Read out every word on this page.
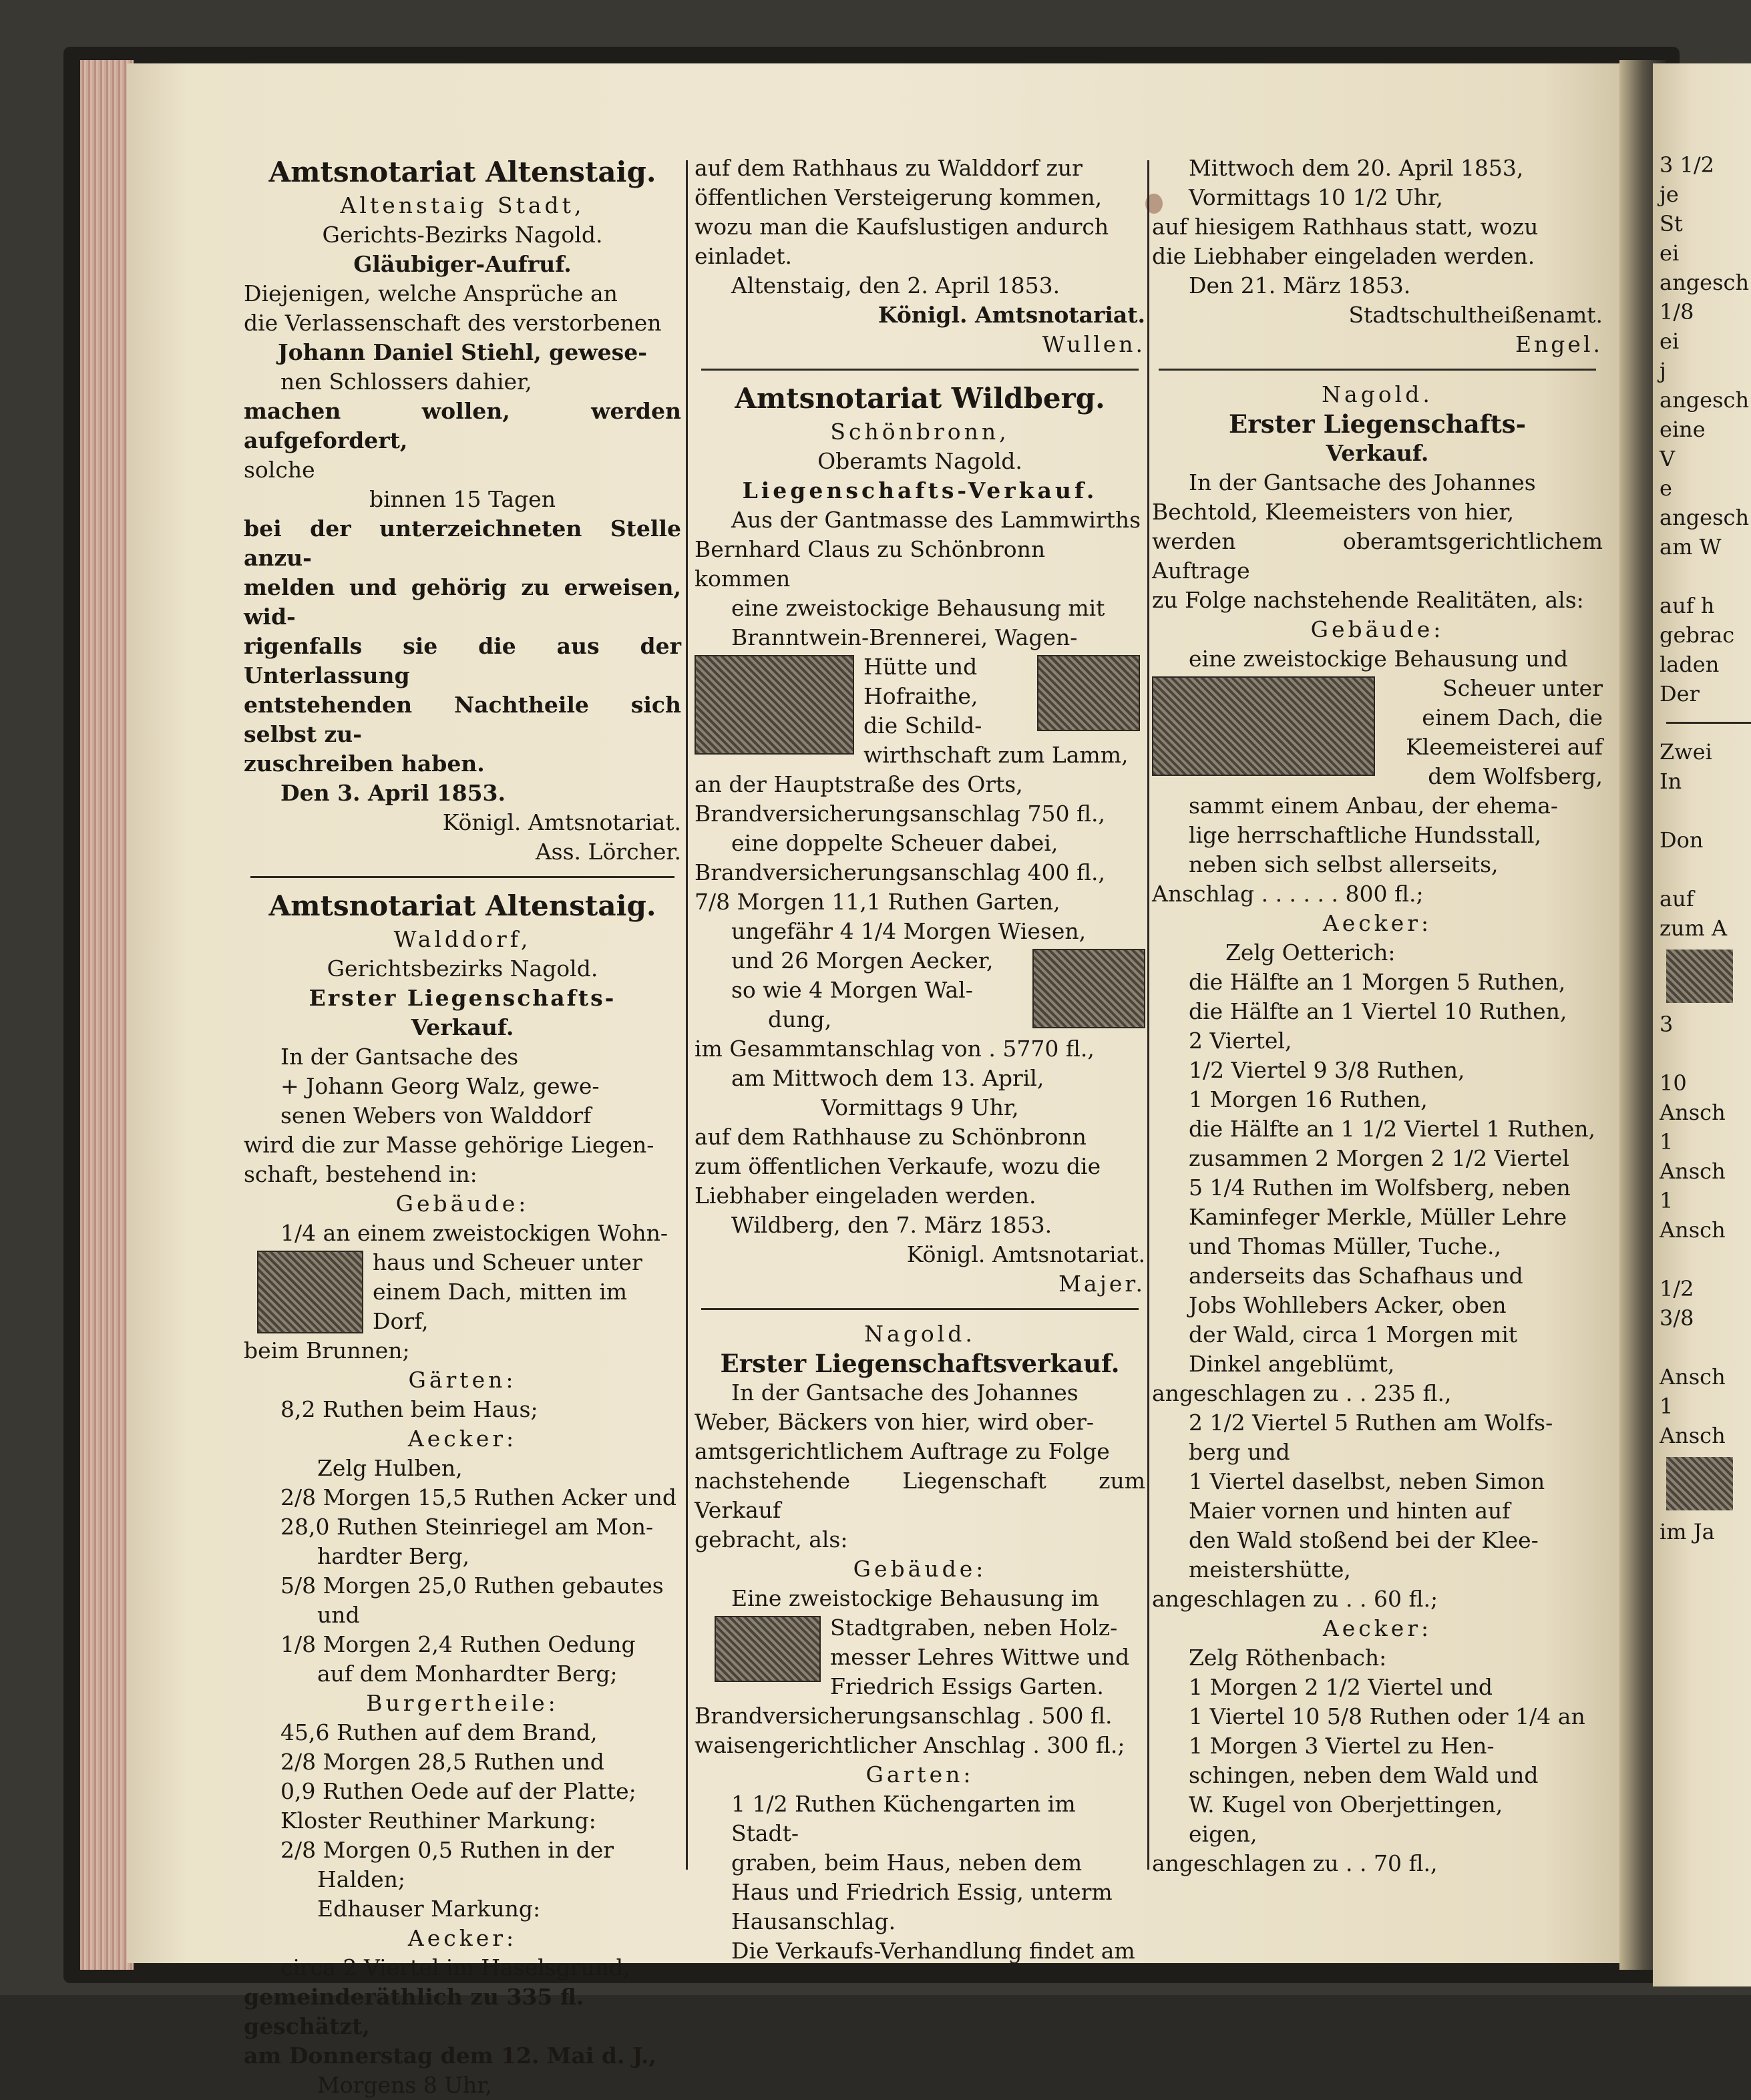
Amtsnotariat Altenstaig.

Altenstaig Stadt,

Gerichts-Bezirks Nagold.

Gläubiger-Aufruf.

Diejenigen, welche Ansprüche an

die Verlassenschaft des verstorbenen

Johann Daniel Stiehl, gewese-

nen Schlossers dahier,

machen wollen, werden aufgefordert,

solche

binnen 15 Tagen

bei der unterzeichneten Stelle anzu-

melden und gehörig zu erweisen, wid-

rigenfalls sie die aus der Unterlassung

entstehenden Nachtheile sich selbst zu-

zuschreiben haben.

Den 3. April 1853.

Königl. Amtsnotariat.

Ass. Lörcher.

Amtsnotariat Altenstaig.

Walddorf,

Gerichtsbezirks Nagold.

Erster Liegenschafts-

Verkauf.

In der Gantsache des

+ Johann Georg Walz, gewe-

senen Webers von Walddorf

wird die zur Masse gehörige Liegen-

schaft, bestehend in:

Gebäude:

1/4 an einem zweistockigen Wohn-

haus und Scheuer unter

einem Dach, mitten im Dorf,

beim Brunnen;

Gärten:

8,2 Ruthen beim Haus;

Aecker:

Zelg Hulben,

2/8 Morgen 15,5 Ruthen Acker und

28,0 Ruthen Steinriegel am Mon-

hardter Berg,

5/8 Morgen 25,0 Ruthen gebautes

und

1/8 Morgen 2,4 Ruthen Oedung

auf dem Monhardter Berg;

Burgertheile:

45,6 Ruthen auf dem Brand,

2/8 Morgen 28,5 Ruthen und

0,9 Ruthen Oede auf der Platte;

Kloster Reuthiner Markung:

2/8 Morgen 0,5 Ruthen in der

Halden;

Edhauser Markung:

Aecker:

circa 2 Viertel im Haselsgrund,

gemeinderäthlich zu 335 fl. geschätzt,

am Donnerstag dem 12. Mai d. J.,

Morgens 8 Uhr,

auf dem Rathhaus zu Walddorf zur

öffentlichen Versteigerung kommen,

wozu man die Kaufslustigen andurch

einladet.

Altenstaig, den 2. April 1853.

Königl. Amtsnotariat.

Wullen.

Amtsnotariat Wildberg.

Schönbronn,

Oberamts Nagold.

Liegenschafts-Verkauf.

Aus der Gantmasse des Lammwirths

Bernhard Claus zu Schönbronn

kommen

eine zweistockige Behausung mit

Branntwein-Brennerei, Wagen-

Hütte und

Hofraithe,

die Schild-

wirthschaft zum Lamm,

an der Hauptstraße des Orts,

Brandversicherungsanschlag 750 fl.,

eine doppelte Scheuer dabei,

Brandversicherungsanschlag 400 fl.,

7/8 Morgen 11,1 Ruthen Garten,

ungefähr 4 1/4 Morgen Wiesen,

und 26 Morgen Aecker,

so wie 4 Morgen Wal-

dung,

im Gesammtanschlag von . 5770 fl.,

am Mittwoch dem 13. April,

Vormittags 9 Uhr,

auf dem Rathhause zu Schönbronn

zum öffentlichen Verkaufe, wozu die

Liebhaber eingeladen werden.

Wildberg, den 7. März 1853.

Königl. Amtsnotariat.

Majer.

Nagold.

Erster Liegenschaftsverkauf.

In der Gantsache des Johannes

Weber, Bäckers von hier, wird ober-

amtsgerichtlichem Auftrage zu Folge

nachstehende Liegenschaft zum Verkauf

gebracht, als:

Gebäude:

Eine zweistockige Behausung im

Stadtgraben, neben Holz-

messer Lehres Wittwe und

Friedrich Essigs Garten.

Brandversicherungsanschlag . 500 fl.

waisengerichtlicher Anschlag . 300 fl.;

Garten:

1 1/2 Ruthen Küchengarten im Stadt-

graben, beim Haus, neben dem

Haus und Friedrich Essig, unterm

Hausanschlag.

Die Verkaufs-Verhandlung findet am

Mittwoch dem 20. April 1853,

Vormittags 10 1/2 Uhr,

auf hiesigem Rathhaus statt, wozu

die Liebhaber eingeladen werden.

Den 21. März 1853.

Stadtschultheißenamt.

Engel.

Nagold.

Erster Liegenschafts-

Verkauf.

In der Gantsache des Johannes

Bechtold, Kleemeisters von hier,

werden oberamtsgerichtlichem Auftrage

zu Folge nachstehende Realitäten, als:

Gebäude:

eine zweistockige Behausung und

Scheuer unter

einem Dach, die

Kleemeisterei auf

dem Wolfsberg,

sammt einem Anbau, der ehema-

lige herrschaftliche Hundsstall,

neben sich selbst allerseits,

Anschlag . . . . . . 800 fl.;

Aecker:

Zelg Oetterich:

die Hälfte an 1 Morgen 5 Ruthen,

die Hälfte an 1 Viertel 10 Ruthen,

2 Viertel,

1/2 Viertel 9 3/8 Ruthen,

1 Morgen 16 Ruthen,

die Hälfte an 1 1/2 Viertel 1 Ruthen,

zusammen 2 Morgen 2 1/2 Viertel

5 1/4 Ruthen im Wolfsberg, neben

Kaminfeger Merkle, Müller Lehre

und Thomas Müller, Tuche.,

anderseits das Schafhaus und

Jobs Wohllebers Acker, oben

der Wald, circa 1 Morgen mit

Dinkel angeblümt,

angeschlagen zu . . 235 fl.,

2 1/2 Viertel 5 Ruthen am Wolfs-

berg und

1 Viertel daselbst, neben Simon

Maier vornen und hinten auf

den Wald stoßend bei der Klee-

meistershütte,

angeschlagen zu . . 60 fl.;

Aecker:

Zelg Röthenbach:

1 Morgen 2 1/2 Viertel und

1 Viertel 10 5/8 Ruthen oder 1/4 an

1 Morgen 3 Viertel zu Hen-

schingen, neben dem Wald und

W. Kugel von Oberjettingen,

eigen,

angeschlagen zu . . 70 fl.,

3 1/2
je
St
ei
angesch
1/8
ei
j
angesch
eine
V
e
angesch
am W

auf h
gebrac
laden
Der
Zwei
In

Don

auf
zum A
3

10
Ansch
1
Ansch
1
Ansch

1/2
3/8

Ansch
1
Ansch
im Ja
